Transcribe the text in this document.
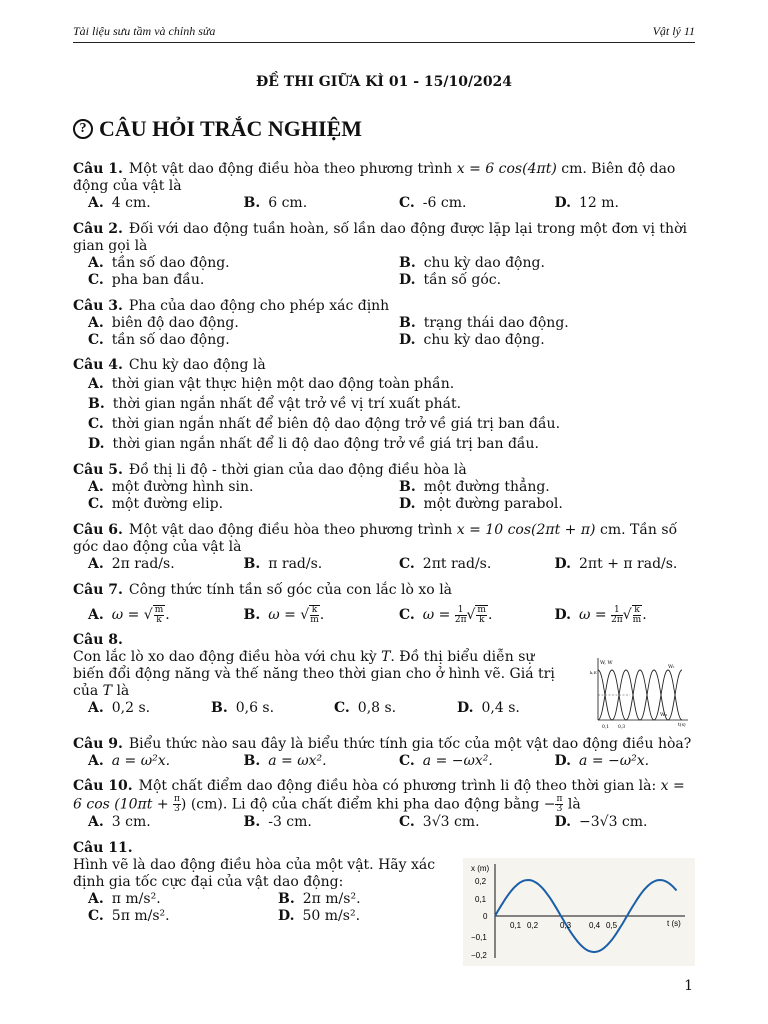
Tài liệu sưu tầm và chỉnh sửa	Vật lý 11
ĐỀ THI GIỮA KÌ 01 - 15/10/2024
? CÂU HỎI TRẮC NGHIỆM
Câu 1. Một vật dao động điều hòa theo phương trình x = 6 cos(4πt) cm. Biên độ dao động của vật là
A. 4 cm.	B. 6 cm.	C. -6 cm.	D. 12 m.
Câu 2. Đối với dao động tuần hoàn, số lần dao động được lặp lại trong một đơn vị thời gian gọi là
A. tần số dao động.	B. chu kỳ dao động.
C. pha ban đầu.	D. tần số góc.
Câu 3. Pha của dao động cho phép xác định
A. biên độ dao động.	B. trạng thái dao động.
C. tần số dao động.	D. chu kỳ dao động.
Câu 4. Chu kỳ dao động là
A. thời gian vật thực hiện một dao động toàn phần.
B. thời gian ngắn nhất để vật trở về vị trí xuất phát.
C. thời gian ngắn nhất để biên độ dao động trở về giá trị ban đầu.
D. thời gian ngắn nhất để li độ dao động trở về giá trị ban đầu.
Câu 5. Đồ thị li độ - thời gian của dao động điều hòa là
A. một đường hình sin.	B. một đường thẳng.
C. một đường elip.	D. một đường parabol.
Câu 6. Một vật dao động điều hòa theo phương trình x = 10 cos(2πt + π) cm. Tần số góc dao động của vật là
A. 2π rad/s.	B. π rad/s.	C. 2πt rad/s.	D. 2πt + π rad/s.
Câu 7. Công thức tính tần số góc của con lắc lò xo là
A. ω = √ $\frac{m}{k}$ .	B. ω = √ $\frac{k}{m}$ .	C. $\omega = \frac{1}{2\pi}$ √ $\frac{m}{k}$ .	D. $\omega = \frac{1}{2\pi}$ √ $\frac{k}{m}$ .
Câu 8.
Con lắc lò xo dao động điều hòa với chu kỳ T. Đồ thị biểu diễn sự biến đổi động năng và thế năng theo thời gian cho ở hình vẽ. Giá trị của T là
A. 0,2 s.	B. 0,6 s.	C. 0,8 s.	D. 0,4 s.
W, W
k,E
Wₜ
W₀
0,1 0,3	t(s)
Câu 9. Biểu thức nào sau đây là biểu thức tính gia tốc của một vật dao động điều hòa?
A. a = ω²x.	B. a = ωx².	C. a = −ωx².	D. a = −ω²x.
Câu 10. Một chất điểm dao động điều hòa có phương trình li độ theo thời gian là: x = 6 $\cos (10\pi t + \frac{\pi}{3}$ ) (cm). Li độ của chất điểm khi pha dao động bằng − $\frac{\pi}{3}$ là
A. 3 cm.	B. -3 cm.	C. 3√3 cm.	D. −3√3 cm.
Câu 11.
Hình vẽ là dao động điều hòa của một vật. Hãy xác định gia tốc cực đại của vật dao động:
A. π m/s².	B. 2π m/s².
C. 5π m/s².	D. 50 m/s².
x (m)
t (s)
0,2
0,1
0
−0,1
−0,2
0,1 0,2	0,3 0,4 0,5
1
